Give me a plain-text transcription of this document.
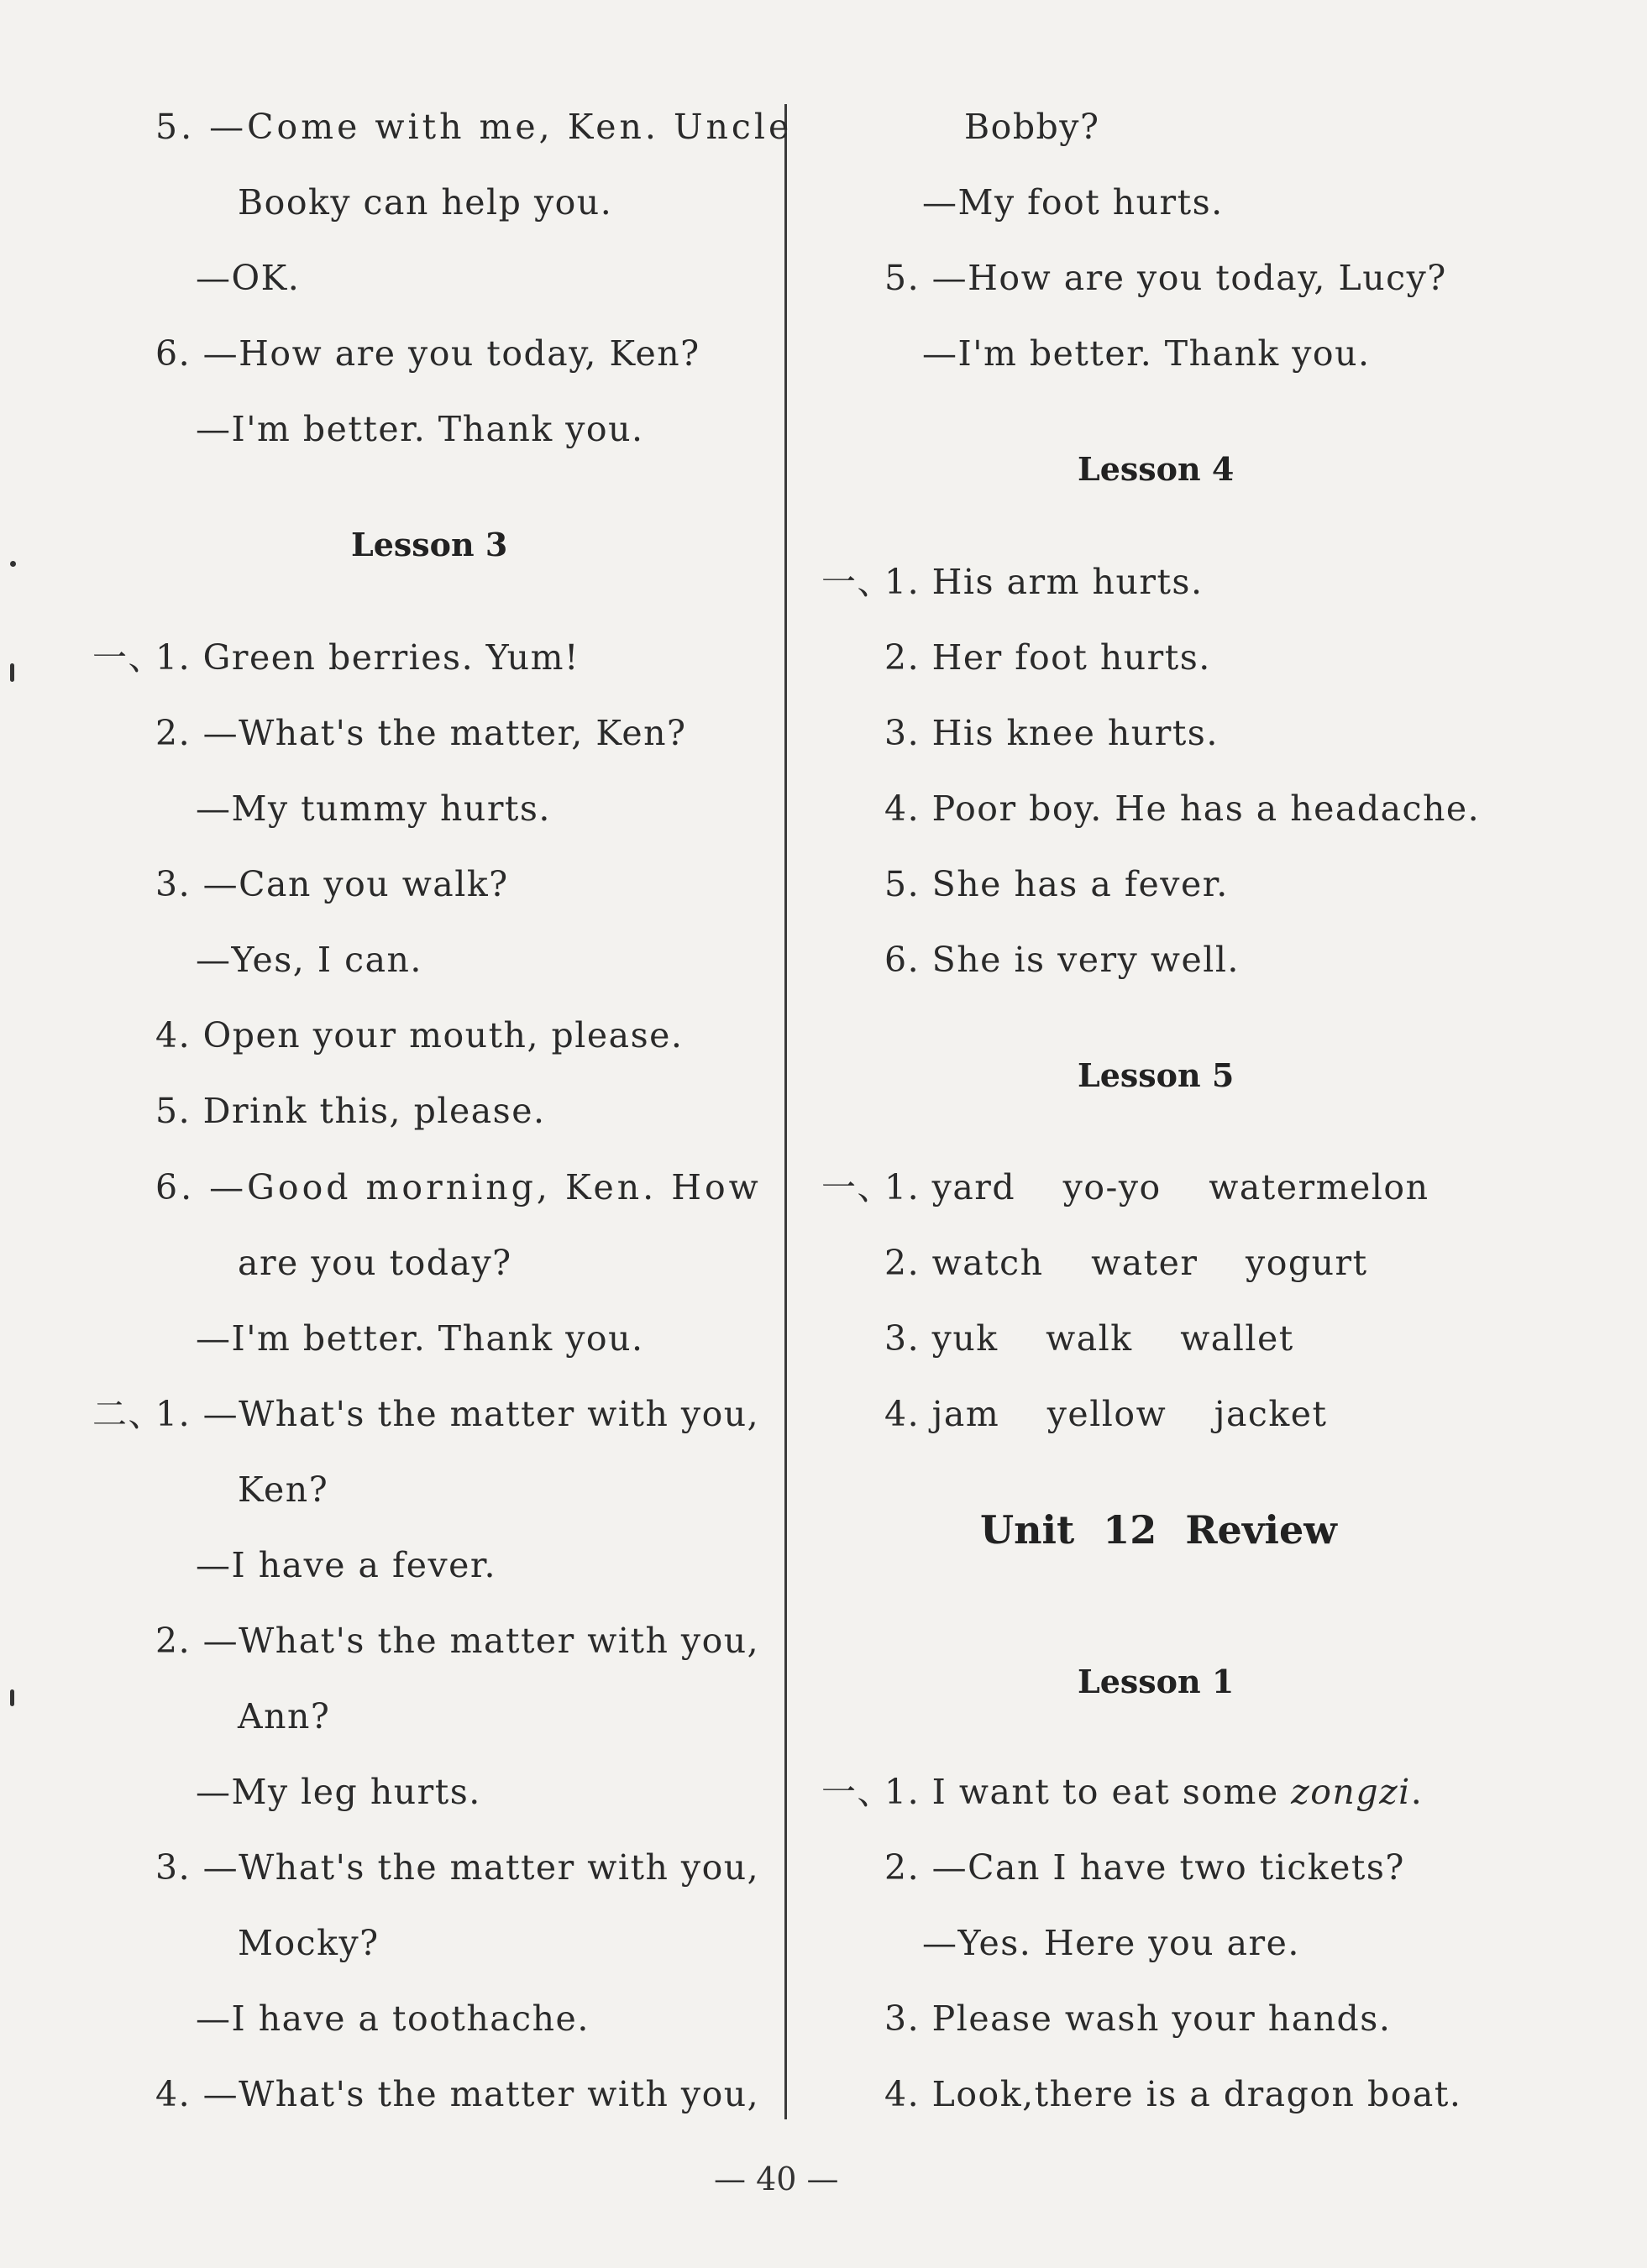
5. —Come with me, Ken. Uncle
Booky can help you.
—OK.
6. —How are you today, Ken?
—I'm better. Thank you.
Lesson 3
一、
1. Green berries. Yum!
2. —What's the matter, Ken?
—My tummy hurts.
3. —Can you walk?
—Yes, I can.
4. Open your mouth, please.
5. Drink this, please.
6. —Good morning, Ken. How
are you today?
—I'm better. Thank you.
二、
1. —What's the matter with you,
Ken?
—I have a fever.
2. —What's the matter with you,
Ann?
—My leg hurts.
3. —What's the matter with you,
Mocky?
—I have a toothache.
4. —What's the matter with you,
Bobby?
—My foot hurts.
5. —How are you today, Lucy?
—I'm better. Thank you.
Lesson 4
一、
1. His arm hurts.
2. Her foot hurts.
3. His knee hurts.
4. Poor boy. He has a headache.
5. She has a fever.
6. She is very well.
Lesson 5
一、
1. yard yo-yo watermelon
2. watch water yogurt
3. yuk walk wallet
4. jam yellow jacket
Unit 12 Review
Lesson 1
一、
1. I want to eat some zongzi.
2. —Can I have two tickets?
—Yes. Here you are.
3. Please wash your hands.
4. Look,there is a dragon boat.
— 40 —
